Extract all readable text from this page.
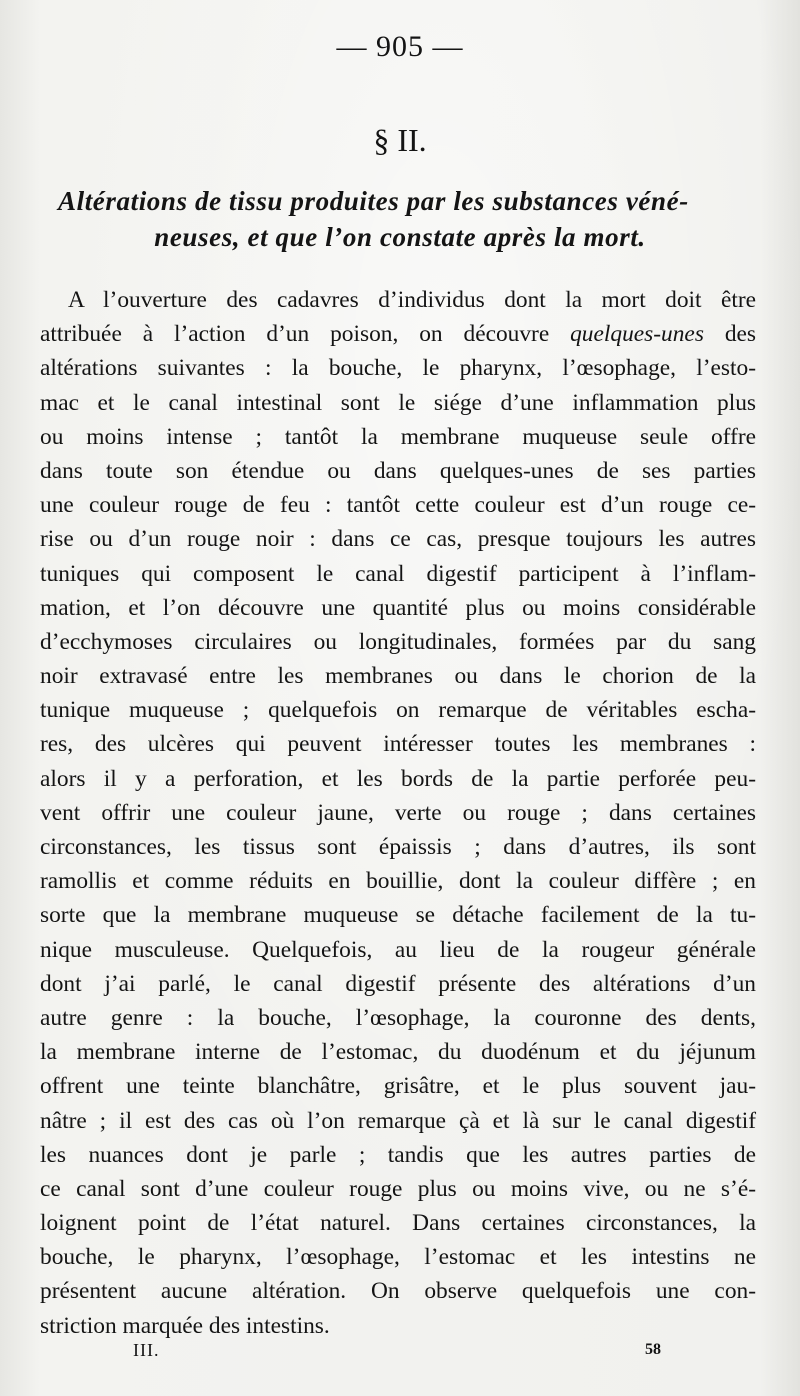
— 905 —
§ II.
Altérations de tissu produites par les substances véné-
neuses, et que l’on constate après la mort.
A l’ouverture des cadavres d’individus dont la mort doit être
attribuée à l’action d’un poison, on découvre quelques-unes des
altérations suivantes : la bouche, le pharynx, l’œsophage, l’esto-
mac et le canal intestinal sont le siége d’une inflammation plus
ou moins intense ; tantôt la membrane muqueuse seule offre
dans toute son étendue ou dans quelques-unes de ses parties
une couleur rouge de feu : tantôt cette couleur est d’un rouge ce-
rise ou d’un rouge noir : dans ce cas, presque toujours les autres
tuniques qui composent le canal digestif participent à l’inflam-
mation, et l’on découvre une quantité plus ou moins considérable
d’ecchymoses circulaires ou longitudinales, formées par du sang
noir extravasé entre les membranes ou dans le chorion de la
tunique muqueuse ; quelquefois on remarque de véritables escha-
res, des ulcères qui peuvent intéresser toutes les membranes :
alors il y a perforation, et les bords de la partie perforée peu-
vent offrir une couleur jaune, verte ou rouge ; dans certaines
circonstances, les tissus sont épaissis ; dans d’autres, ils sont
ramollis et comme réduits en bouillie, dont la couleur diffère ; en
sorte que la membrane muqueuse se détache facilement de la tu-
nique musculeuse. Quelquefois, au lieu de la rougeur générale
dont j’ai parlé, le canal digestif présente des altérations d’un
autre genre : la bouche, l’œsophage, la couronne des dents,
la membrane interne de l’estomac, du duodénum et du jéjunum
offrent une teinte blanchâtre, grisâtre, et le plus souvent jau-
nâtre ; il est des cas où l’on remarque çà et là sur le canal digestif
les nuances dont je parle ; tandis que les autres parties de
ce canal sont d’une couleur rouge plus ou moins vive, ou ne s’é-
loignent point de l’état naturel. Dans certaines circonstances, la
bouche, le pharynx, l’œsophage, l’estomac et les intestins ne
présentent aucune altération. On observe quelquefois une con-
striction marquée des intestins.
III.	58
